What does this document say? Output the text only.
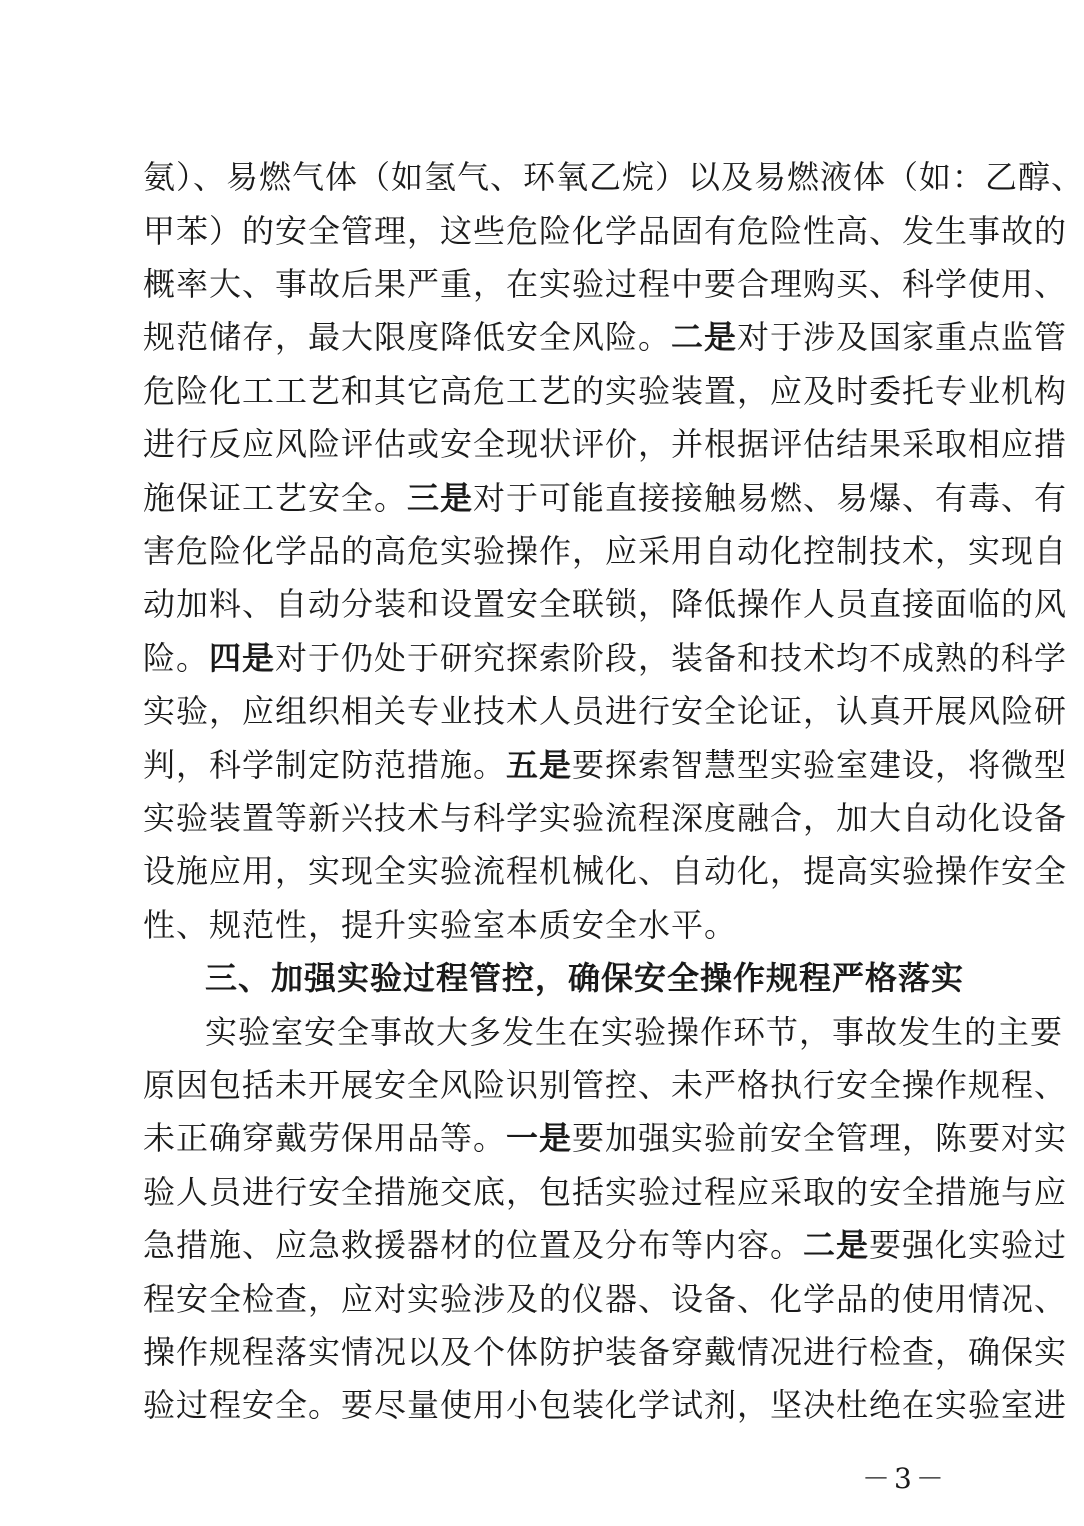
氨）、易燃气体（如氢气、环氧乙烷）以及易燃液体（如：乙醇、
甲苯）的安全管理，这些危险化学品固有危险性高、发生事故的
概率大、事故后果严重，在实验过程中要合理购买、科学使用、
规范储存，最大限度降低安全风险。二是对于涉及国家重点监管
危险化工工艺和其它高危工艺的实验装置，应及时委托专业机构
进行反应风险评估或安全现状评价，并根据评估结果采取相应措
施保证工艺安全。三是对于可能直接接触易燃、易爆、有毒、有
害危险化学品的高危实验操作，应采用自动化控制技术，实现自
动加料、自动分装和设置安全联锁，降低操作人员直接面临的风
险。四是对于仍处于研究探索阶段，装备和技术均不成熟的科学
实验，应组织相关专业技术人员进行安全论证，认真开展风险研
判，科学制定防范措施。五是要探索智慧型实验室建设，将微型
实验装置等新兴技术与科学实验流程深度融合，加大自动化设备
设施应用，实现全实验流程机械化、自动化，提高实验操作安全
性、规范性，提升实验室本质安全水平。
三、加强实验过程管控，确保安全操作规程严格落实
实验室安全事故大多发生在实验操作环节，事故发生的主要
原因包括未开展安全风险识别管控、未严格执行安全操作规程、
未正确穿戴劳保用品等。一是要加强实验前安全管理，陈要对实
验人员进行安全措施交底，包括实验过程应采取的安全措施与应
急措施、应急救援器材的位置及分布等内容。二是要强化实验过
程安全检查，应对实验涉及的仪器、设备、化学品的使用情况、
操作规程落实情况以及个体防护装备穿戴情况进行检查，确保实
验过程安全。要尽量使用小包装化学试剂，坚决杜绝在实验室进
－3－
